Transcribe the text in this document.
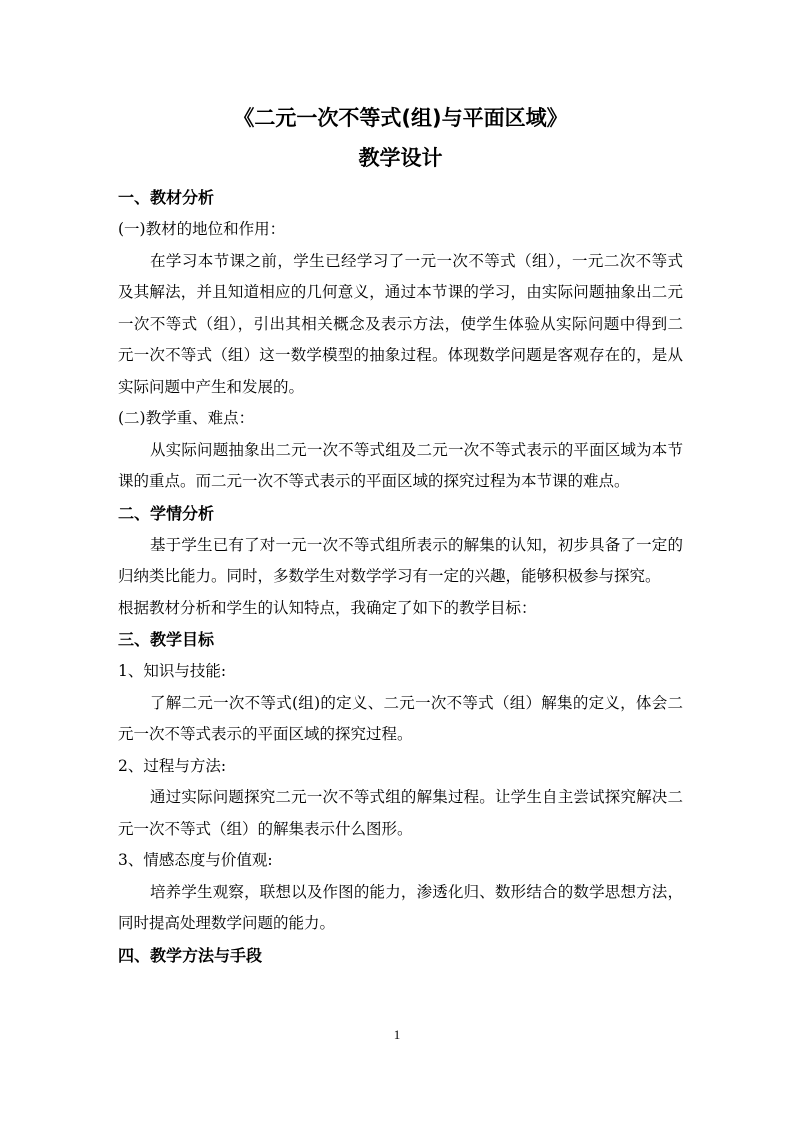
《二元一次不等式(组)与平面区域》
教学设计
一、教材分析
(一)教材的地位和作用：

在学习本节课之前，学生已经学习了一元一次不等式（组），一元二次不等式及其解法，并且知道相应的几何意义，通过本节课的学习，由实际问题抽象出二元一次不等式（组），引出其相关概念及表示方法，使学生体验从实际问题中得到二元一次不等式（组）这一数学模型的抽象过程。体现数学问题是客观存在的，是从实际问题中产生和发展的。

(二)教学重、难点：

从实际问题抽象出二元一次不等式组及二元一次不等式表示的平面区域为本节课的重点。而二元一次不等式表示的平面区域的探究过程为本节课的难点。

二、学情分析

基于学生已有了对一元一次不等式组所表示的解集的认知，初步具备了一定的归纳类比能力。同时，多数学生对数学学习有一定的兴趣，能够积极参与探究。

根据教材分析和学生的认知特点，我确定了如下的教学目标：
三、教学目标
1、知识与技能:

了解二元一次不等式(组)的定义、二元一次不等式（组）解集的定义，体会二元一次不等式表示的平面区域的探究过程。

2、过程与方法:

通过实际问题探究二元一次不等式组的解集过程。让学生自主尝试探究解决二元一次不等式（组）的解集表示什么图形。

3、情感态度与价值观:

培养学生观察，联想以及作图的能力，渗透化归、数形结合的数学思想方法，同时提高处理数学问题的能力。

四、教学方法与手段
1
